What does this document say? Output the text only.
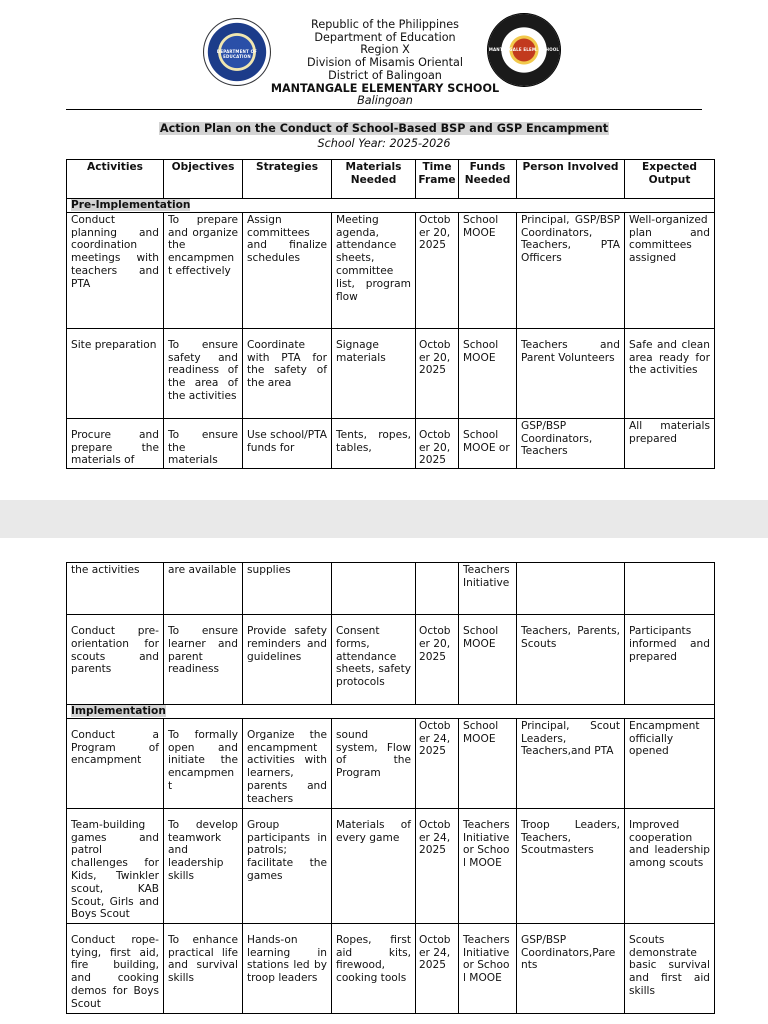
DEPARTMENT OF EDUCATION
MANTANGALE ELEM. SCHOOL
Republic of the Philippines
Department of Education
Region X
Division of Misamis Oriental
District of Balingoan
MANTANGALE ELEMENTARY SCHOOL
Balingoan
Action Plan on the Conduct of School-Based BSP and GSP Encampment
School Year: 2025-2026
Activities	Objectives	Strategies	Materials Needed	Time Frame	Funds Needed	Person Involved	Expected Output
Pre-Implementation							
Conduct planning and coordination meetings with teachers and PTA	To prepare and organize the encampment effectively	Assign committees and finalize schedules	Meeting agenda, attendance sheets, committee list, program flow	October 20, 2025	School MOOE	Principal, GSP/BSP Coordinators, Teachers, PTA Officers	Well-organized plan and committees assigned
Site preparation	To ensure safety and readiness of the area of the activities	Coordinate with PTA for the safety of the area	Signage materials	October 20, 2025	School MOOE	Teachers and Parent Volunteers	Safe and clean area ready for the activities
Procure and prepare the materials of	To ensure the materials	Use school/PTA funds for	Tents, ropes, tables,	October 20, 2025	School MOOE or	GSP/BSP Coordinators, Teachers	All materials prepared
the activities	are available	supplies			Teachers Initiative		
Conduct pre-orientation for scouts and parents	To ensure learner and parent readiness	Provide safety reminders and guidelines	Consent forms, attendance sheets, safety protocols	October 20, 2025	School MOOE	Teachers, Parents, Scouts	Participants informed and prepared
Implementation							
Conduct a Program of encampment	To formally open and initiate the encampment	Organize the encampment activities with learners, parents and teachers	sound system, Flow of the Program	October 24, 2025	School MOOE	Principal, Scout Leaders, Teachers,and PTA	Encampment officially opened
Team-building games and patrol challenges for Kids, Twinkler scout, KAB Scout, Girls and Boys Scout	To develop teamwork and leadership skills	Group participants in patrols; facilitate the games	Materials of every game	October 24, 2025	Teachers Initiative or School MOOE	Troop Leaders, Teachers, Scoutmasters	Improved cooperation and leadership among scouts
Conduct rope-tying, first aid, fire building, and cooking demos for Boys Scout	To enhance practical life and survival skills	Hands-on learning in stations led by troop leaders	Ropes, first aid kits, firewood, cooking tools	October 24, 2025	Teachers Initiative or School MOOE	GSP/BSP Coordinators,Parents	Scouts demonstrate basic survival and first aid skills
